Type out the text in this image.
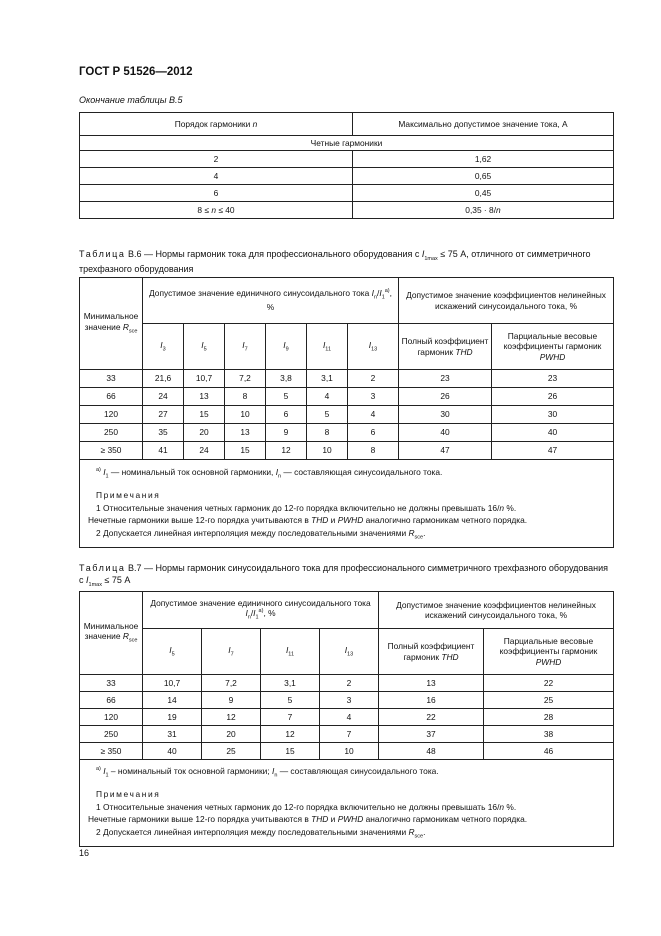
ГОСТ Р 51526—2012
Окончание таблицы В.5
Порядок гармоники n	Максимально допустимое значение тока, А
Четные гармоники	
2	1,62
4	0,65
6	0,45
8 ≤ n ≤ 40	0,35 · 8/n
Таблица В.6 — Нормы гармоник тока для профессионального оборудования с $I_{1max} \le 75$ А, отличного от симметричного трехфазного оборудования
Минимальное значение $R_{sce}$	Допустимое значение единичного синусоидального тока $I_n/I_1^{a)}$, %						Допустимое значение коэффициентов нелинейных искажений синусоидального тока, %	
	$I_3$	$I_5$	$I_7$	$I_9$	$I_{11}$	$I_{13}$	Полный коэффициент гармоник THD	Парциальные весовые коэффициенты гармоник PWHD
33	21,6	10,7	7,2	3,8	3,1	2	23	23
66	24	13	8	5	4	3	26	26
120	27	15	10	6	5	4	30	30
250	35	20	13	9	8	6	40	40
≥ 350	41	24	15	12	10	8	47	47

$^{a)}$ $I_1$ — номинальный ток основной гармоники, $I_n$ — составляющая синусоидального тока.
Примечания
1 Относительные значения четных гармоник до 12-го порядка включительно не должны превышать 16/n %.
Нечетные гармоники выше 12-го порядка учитываются в THD и PWHD аналогично гармоникам четного порядка.
2 Допускается линейная интерполяция между последовательными значениями $R_{sce}$.								
Таблица В.7 — Нормы гармоник синусоидального тока для профессионального симметричного трехфазного оборудования с $I_{1max} \le 75$ А
Минимальное значение $R_{sce}$	Допустимое значение единичного синусоидального тока $I_n/I_1^{a)}$, %				Допустимое значение коэффициентов нелинейных искажений синусоидального тока, %	
	$I_5$	$I_7$	$I_{11}$	$I_{13}$	Полный коэффициент гармоник THD	Парциальные весовые коэффициенты гармоник PWHD
33	10,7	7,2	3,1	2	13	22
66	14	9	5	3	16	25
120	19	12	7	4	22	28
250	31	20	12	7	37	38
≥ 350	40	25	15	10	48	46

$^{a)}$ $I_1$ – номинальный ток основной гармоники; $I_n$ — составляющая синусоидального тока.
Примечания
1 Относительные значения четных гармоник до 12-го порядка включительно не должны превышать 16/n %.
Нечетные гармоники выше 12-го порядка учитываются в THD и PWHD аналогично гармоникам четного порядка.
2 Допускается линейная интерполяция между последовательными значениями $R_{sce}$.						
16
